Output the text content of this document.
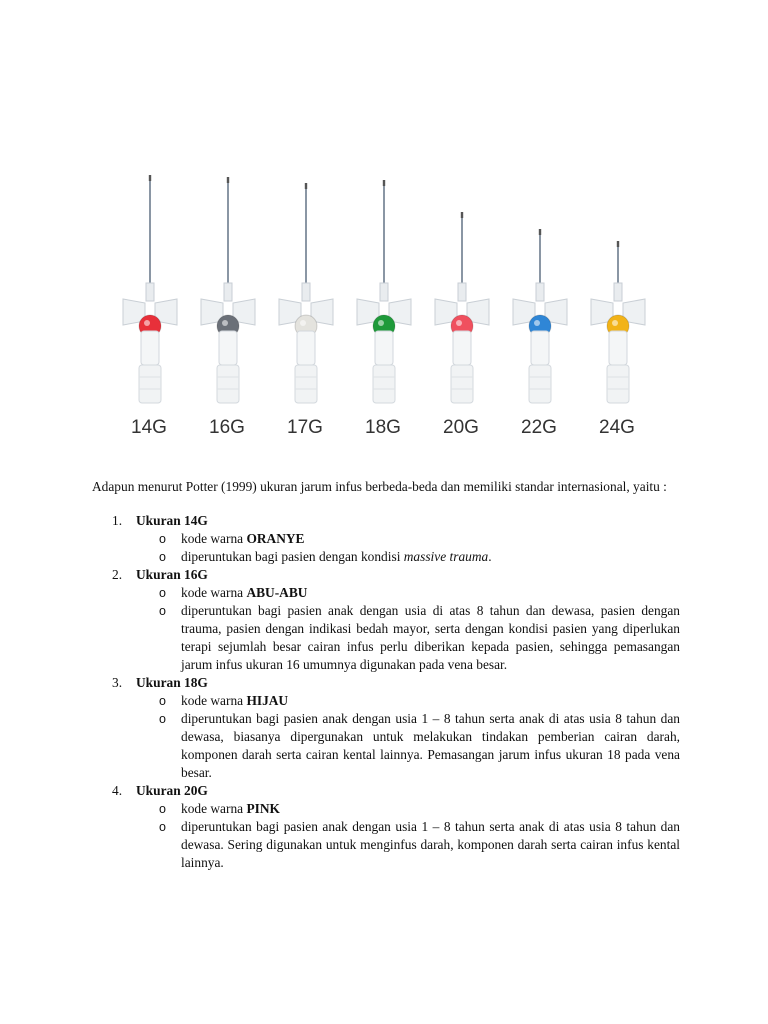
14G	16G	17G	18G	20G	22G	24G

Adapun menurut Potter (1999) ukuran jarum infus berbeda-beda dan memiliki standar internasional, yaitu :

1. Ukuran 14G
o kode warna ORANYE
o diperuntukan bagi pasien dengan kondisi massive trauma.
2. Ukuran 16G
o kode warna ABU-ABU
o diperuntukan bagi pasien anak dengan usia di atas 8 tahun dan dewasa, pasien dengan trauma, pasien dengan indikasi bedah mayor, serta dengan kondisi pasien yang diperlukan terapi sejumlah besar cairan infus perlu diberikan kepada pasien, sehingga pemasangan jarum infus ukuran 16 umumnya digunakan pada vena besar.
3. Ukuran 18G
o kode warna HIJAU
o diperuntukan bagi pasien anak dengan usia 1 – 8 tahun serta anak di atas usia 8 tahun dan dewasa, biasanya dipergunakan untuk melakukan tindakan pemberian cairan darah, komponen darah serta cairan kental lainnya. Pemasangan jarum infus ukuran 18 pada vena besar.
4. Ukuran 20G
o kode warna PINK
o diperuntukan bagi pasien anak dengan usia 1 – 8 tahun serta anak di atas usia 8 tahun dan dewasa. Sering digunakan untuk menginfus darah, komponen darah serta cairan infus kental lainnya.
